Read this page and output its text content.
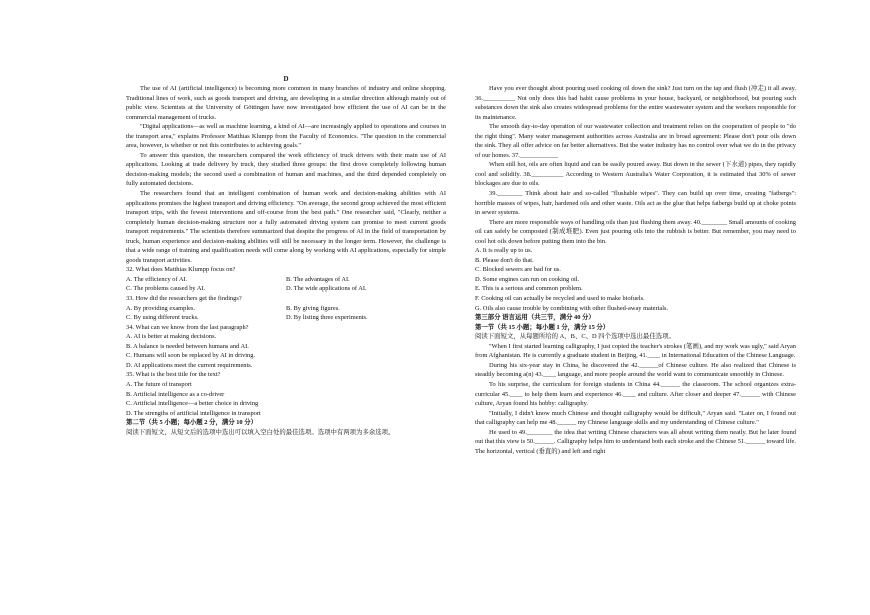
D

The use of AI (artificial intelligence) is becoming more common in many branches of industry and online shopping. Traditional lines of work, such as goods transport and driving, are developing in a similar direction although mainly out of public view. Scientists at the University of Göttingen have now investigated how efficient the use of AI can be in the commercial management of trucks.

"Digital applications—as well as machine learning, a kind of AI—are increasingly applied to operations and courses in the transport area," explains Professor Matthias Klumpp from the Faculty of Economics. "The question in the commercial area, however, is whether or not this contributes to achieving goals."

To answer this question, the researchers compared the work efficiency of truck drivers with their main use of AI applications. Looking at trade delivery by truck, they studied three groups: the first drove completely following human decision-making models; the second used a combination of human and machines, and the third depended completely on fully automated decisions.

The researchers found that an intelligent combination of human work and decision-making abilities with AI applications promises the highest transport and driving efficiency. "On average, the second group achieved the most efficient transport trips, with the fewest interventions and off-course from the best path." One researcher said, "Clearly, neither a completely human decision-making structure nor a fully automated driving system can promise to meet current goods transport requirements." The scientists therefore summarized that despite the progress of AI in the field of transportation by truck, human experience and decision-making abilities will still be necessary in the longer term. However, the challenge is that a wide range of training and qualification needs will come along by working with AI applications, especially for simple goods transport activities.

32. What does Matthias Klumpp focus on?

A. The efficiency of AI.	B. The advantages of AI.
C. The problems caused by AI.	D. The wide applications of AI.

33. How did the researchers get the findings?

A. By providing examples.	B. By giving figures.
C. By using different trucks.	D. By listing three experiments.

34. What can we know from the last paragraph?

A. AI is better at making decisions.

B. A balance is needed between humans and AI.

C. Humans will soon be replaced by AI in driving.

D. AI applications meet the current requirements.

35. What is the best title for the text?

A. The future of transport

B. Artificial intelligence as a co-driver

C. Artificial intelligence—a better choice in driving

D. The strengths of artificial intelligence in transport

第二节（共 5 小题；每小题 2 分，满分 10 分）

阅读下面短文，从短文后的选项中选出可以填入空白处的最佳选项。选项中有两项为多余选项。

Have you ever thought about pouring used cooking oil down the sink? Just turn on the tap and flush (冲走) it all away. 36.__________ Not only does this bad habit cause problems in your house, backyard, or neighborhood, but pouring such substances down the sink also creates widespread problems for the entire wastewater system and the workers responsible for its maintenance.

The smooth day-to-day operation of our wastewater collection and treatment relies on the cooperation of people to "do the right thing". Many water management authorities across Australia are in broad agreement: Please don't pour oils down the sink. They all offer advice on far better alternatives. But the water industry has no control over what we do in the privacy of our homes. 37.____________

When still hot, oils are often liquid and can be easily poured away. But down in the sewer (下水道) pipes, they rapidly cool and solidify. 38.__________ According to Western Australia's Water Corporation, it is estimated that 30% of sewer blockages are due to oils.

39.________ Think about hair and so-called "flushable wipes". They can build up over time, creating "fatbergs": horrible masses of wipes, hair, hardened oils and other waste. Oils act as the glue that helps fatbergs build up at choke points in sewer systems.

There are more responsible ways of handling oils than just flushing them away. 40.________ Small amounts of cooking oil can safely be composted (制成堆肥). Even just pouring oils into the rubbish is better. But remember, you may need to cool hot oils down before putting them into the bin.

A. It is really up to us.

B. Please don't do that.

C. Blocked sewers are bad for us.

D. Some engines can run on cooking oil.

E. This is a serious and common problem.

F. Cooking oil can actually be recycled and used to make biofuels.

G. Oils also cause trouble by combining with other flushed-away materials.

第三部分 语言运用（共三节，满分 40 分）

第一节（共 15 小题；每小题 1 分，满分 15 分）

阅读下面短文，从每题所给的 A、B、C、D 四个选项中选出最佳选项。

"When I first started learning calligraphy, I just copied the teacher's strokes (笔画), and my work was ugly," said Aryan from Afghanistan. He is currently a graduate student in Beijing, 41.____ in International Education of the Chinese Language.

During his six-year stay in China, he discovered the 42.______of Chinese culture. He also realized that Chinese is steadily becoming a(n) 43.____ language, and more people around the world want to communicate smoothly in Chinese.

To his surprise, the curriculum for foreign students in China 44.______ the classroom. The school organizes extra-curricular 45.____ to help them learn and experience 46.____ and culture. After closer and deeper 47.______ with Chinese culture, Aryan found his hobby: calligraphy.

"Initially, I didn't know much Chinese and thought calligraphy would be difficult," Aryan said. "Later on, I found out that calligraphy can help me 48.______ my Chinese language skills and my understanding of Chinese culture."

He used to 49.________ the idea that writing Chinese characters was all about writing them neatly. But he later found out that this view is 50.______. Calligraphy helps him to understand both each stroke and the Chinese 51.______ toward life. The horizontal, vertical (垂直的) and left and right
